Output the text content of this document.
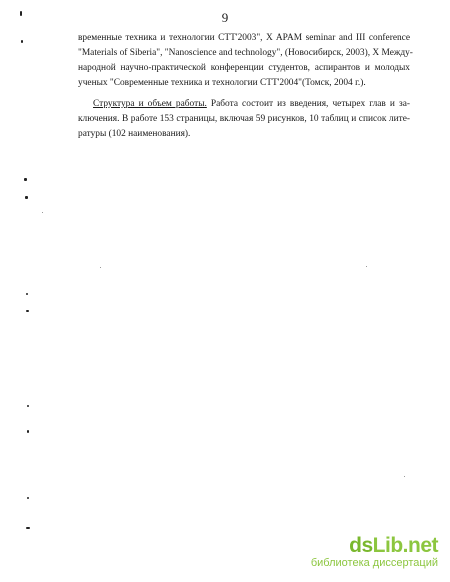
9
временные техника и технологии СТТ'2003", X APAM seminar and III conference
"Materials of Siberia", "Nanoscience and technology", (Новосибирск, 2003), X Между-
народной научно-практической конференции студентов, аспирантов и молодых
ученых "Современные техника и технологии СТТ'2004"(Томск, 2004 г.).
Структура и объем работы. Работа состоит из введения, четырех глав и за-
ключения. В работе 153 страницы, включая 59 рисунков, 10 таблиц и список лите-
ратуры (102 наименования).
dsLib.net
библиотека диссертаций
